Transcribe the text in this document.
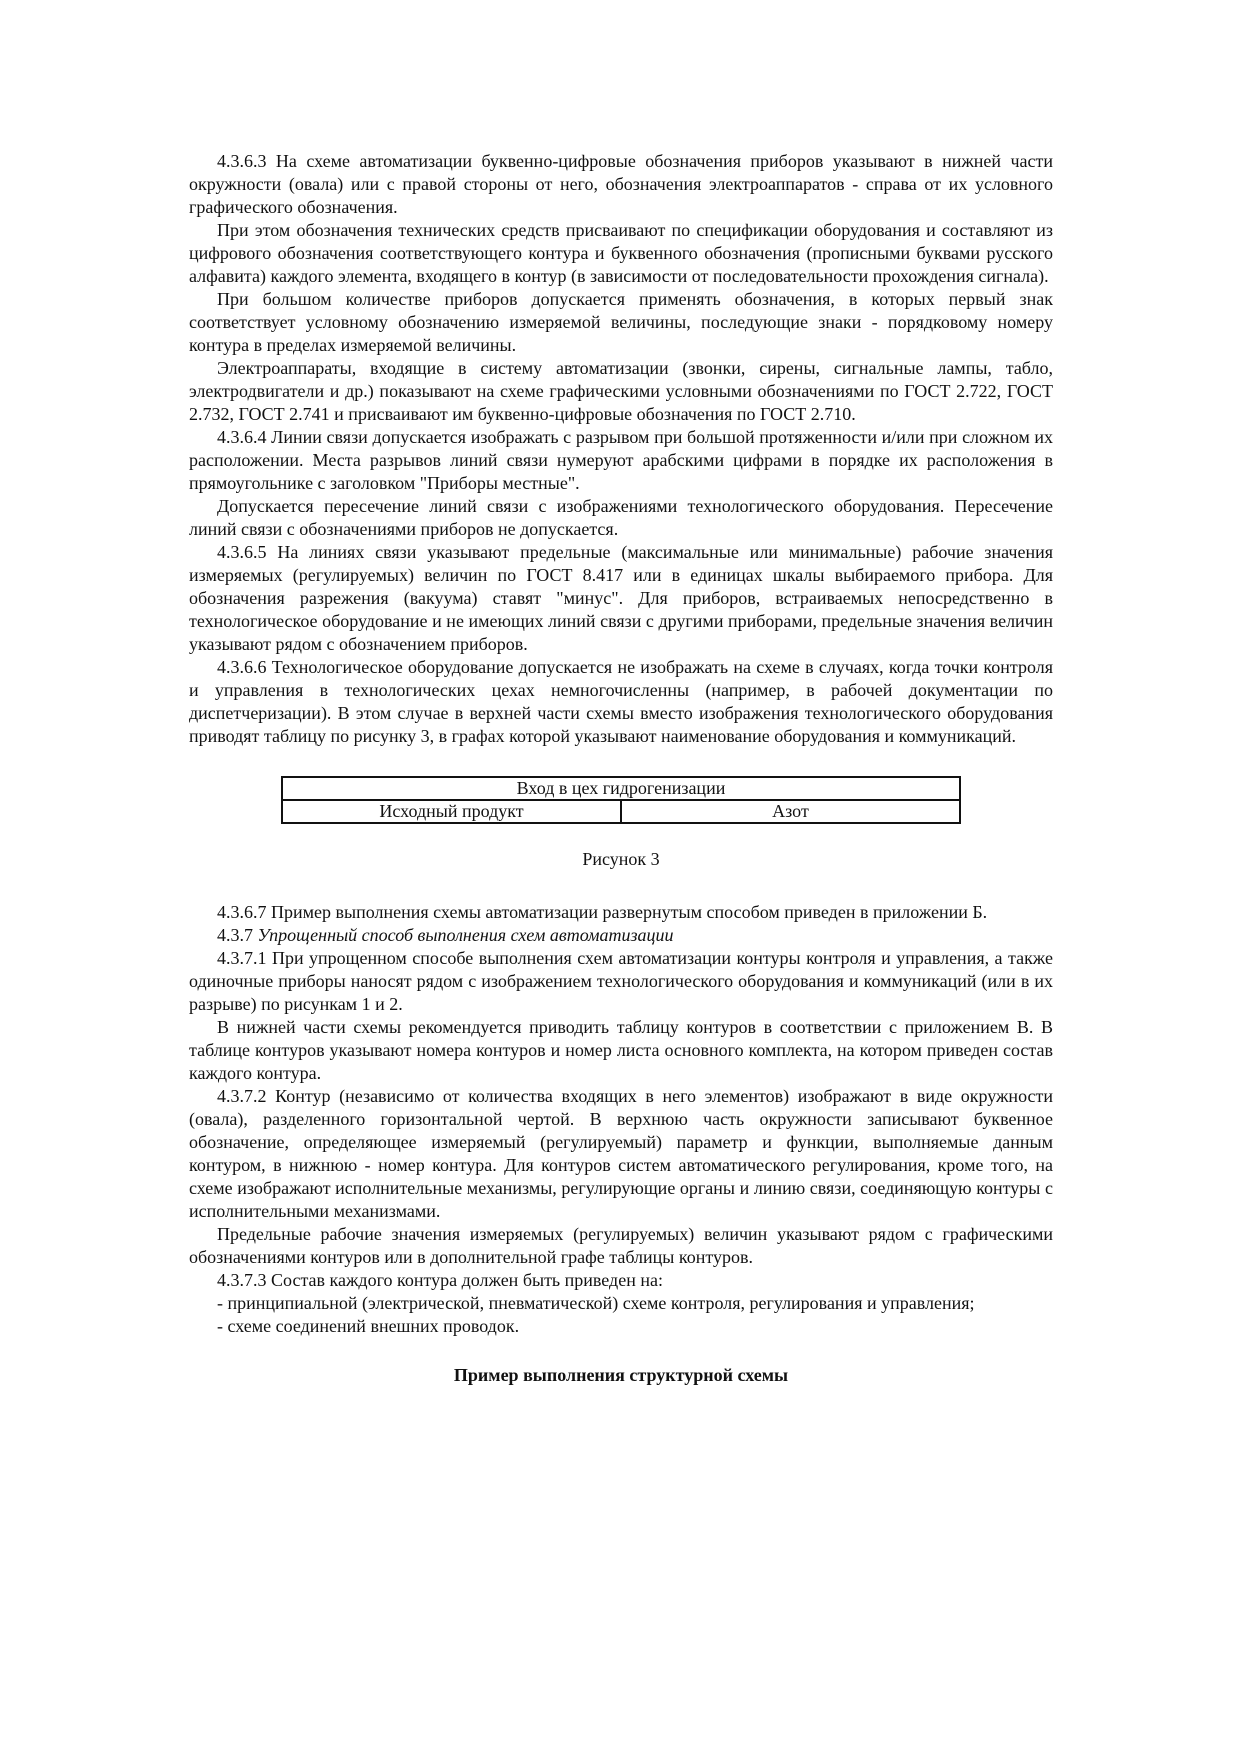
4.3.6.3 На схеме автоматизации буквенно-цифровые обозначения приборов указывают в нижней части окружности (овала) или с правой стороны от него, обозначения электроаппаратов - справа от их условного графического обозначения.

При этом обозначения технических средств присваивают по спецификации оборудования и составляют из цифрового обозначения соответствующего контура и буквенного обозначения (прописными буквами русского алфавита) каждого элемента, входящего в контур (в зависимости от последовательности прохождения сигнала).

При большом количестве приборов допускается применять обозначения, в которых первый знак соответствует условному обозначению измеряемой величины, последующие знаки - порядковому номеру контура в пределах измеряемой величины.

Электроаппараты, входящие в систему автоматизации (звонки, сирены, сигнальные лампы, табло, электродвигатели и др.) показывают на схеме графическими условными обозначениями по ГОСТ 2.722, ГОСТ 2.732, ГОСТ 2.741 и присваивают им буквенно-цифровые обозначения по ГОСТ 2.710.

4.3.6.4 Линии связи допускается изображать с разрывом при большой протяженности и/или при сложном их расположении. Места разрывов линий связи нумеруют арабскими цифрами в порядке их расположения в прямоугольнике с заголовком "Приборы местные".

Допускается пересечение линий связи с изображениями технологического оборудования. Пересечение линий связи с обозначениями приборов не допускается.

4.3.6.5 На линиях связи указывают предельные (максимальные или минимальные) рабочие значения измеряемых (регулируемых) величин по ГОСТ 8.417 или в единицах шкалы выбираемого прибора. Для обозначения разрежения (вакуума) ставят "минус". Для приборов, встраиваемых непосредственно в технологическое оборудование и не имеющих линий связи с другими приборами, предельные значения величин указывают рядом с обозначением приборов.

4.3.6.6 Технологическое оборудование допускается не изображать на схеме в случаях, когда точки контроля и управления в технологических цехах немногочисленны (например, в рабочей документации по диспетчеризации). В этом случае в верхней части схемы вместо изображения технологического оборудования приводят таблицу по рисунку 3, в графах которой указывают наименование оборудования и коммуникаций.

Вход в цех гидрогенизации
Исходный продукт	Азот
Рисунок 3

4.3.6.7 Пример выполнения схемы автоматизации развернутым способом приведен в приложении Б.

4.3.7 Упрощенный способ выполнения схем автоматизации

4.3.7.1 При упрощенном способе выполнения схем автоматизации контуры контроля и управления, а также одиночные приборы наносят рядом с изображением технологического оборудования и коммуникаций (или в их разрыве) по рисункам 1 и 2.

В нижней части схемы рекомендуется приводить таблицу контуров в соответствии с приложением В. В таблице контуров указывают номера контуров и номер листа основного комплекта, на котором приведен состав каждого контура.

4.3.7.2 Контур (независимо от количества входящих в него элементов) изображают в виде окружности (овала), разделенного горизонтальной чертой. В верхнюю часть окружности записывают буквенное обозначение, определяющее измеряемый (регулируемый) параметр и функции, выполняемые данным контуром, в нижнюю - номер контура. Для контуров систем автоматического регулирования, кроме того, на схеме изображают исполнительные механизмы, регулирующие органы и линию связи, соединяющую контуры с исполнительными механизмами.

Предельные рабочие значения измеряемых (регулируемых) величин указывают рядом с графическими обозначениями контуров или в дополнительной графе таблицы контуров.

4.3.7.3 Состав каждого контура должен быть приведен на:

- принципиальной (электрической, пневматической) схеме контроля, регулирования и управления;

- схеме соединений внешних проводок.

Пример выполнения структурной схемы
